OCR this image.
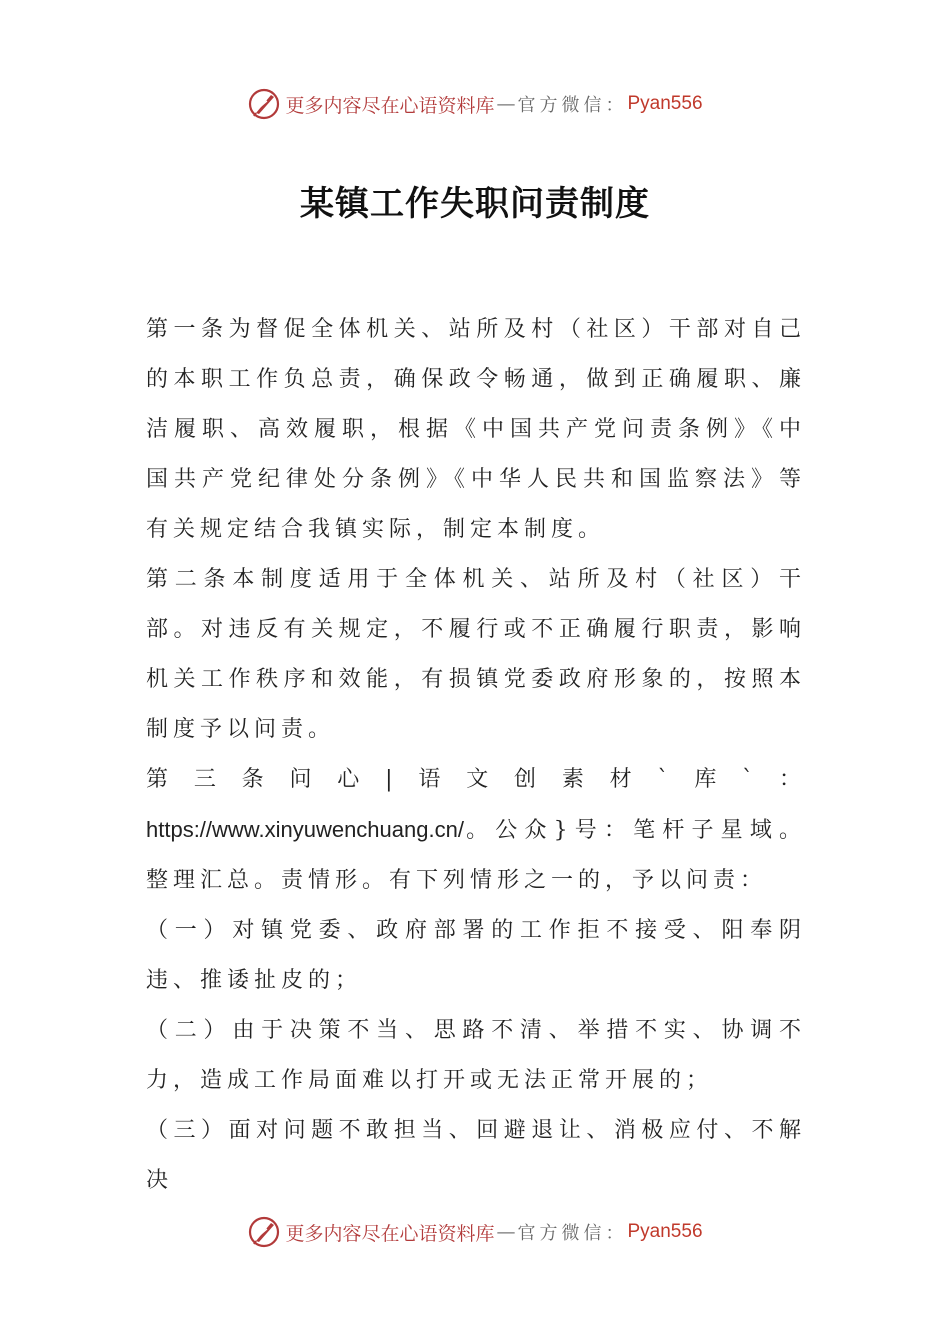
更多内容尽在心语资料库 — 官方微信： Pyan556
某镇工作失职问责制度

第一条为督促全体机关、站所及村（社区）干部对自己的本职工作负总责，确保政令畅通，做到正确履职、廉洁履职、高效履职，根据《中国共产党问责条例》《中国共产党纪律处分条例》《中华人民共和国监察法》等有关规定结合我镇实际，制定本制度。

第二条本制度适用于全体机关、站所及村（社区）干部。对违反有关规定，不履行或不正确履行职责，影响机关工作秩序和效能，有损镇党委政府形象的，按照本制度予以问责。

第三条问心|语文创素材`库`：https://www.xinyuwenchuang.cn/。公众}号：笔杆子星域。整理汇总。责情形。有下列情形之一的，予以问责：

（一）对镇党委、政府部署的工作拒不接受、阳奉阴违、推诿扯皮的；

（二）由于决策不当、思路不清、举措不实、协调不力，造成工作局面难以打开或无法正常开展的；

（三）面对问题不敢担当、回避退让、消极应付、不解决

更多内容尽在心语资料库 — 官方微信： Pyan556
